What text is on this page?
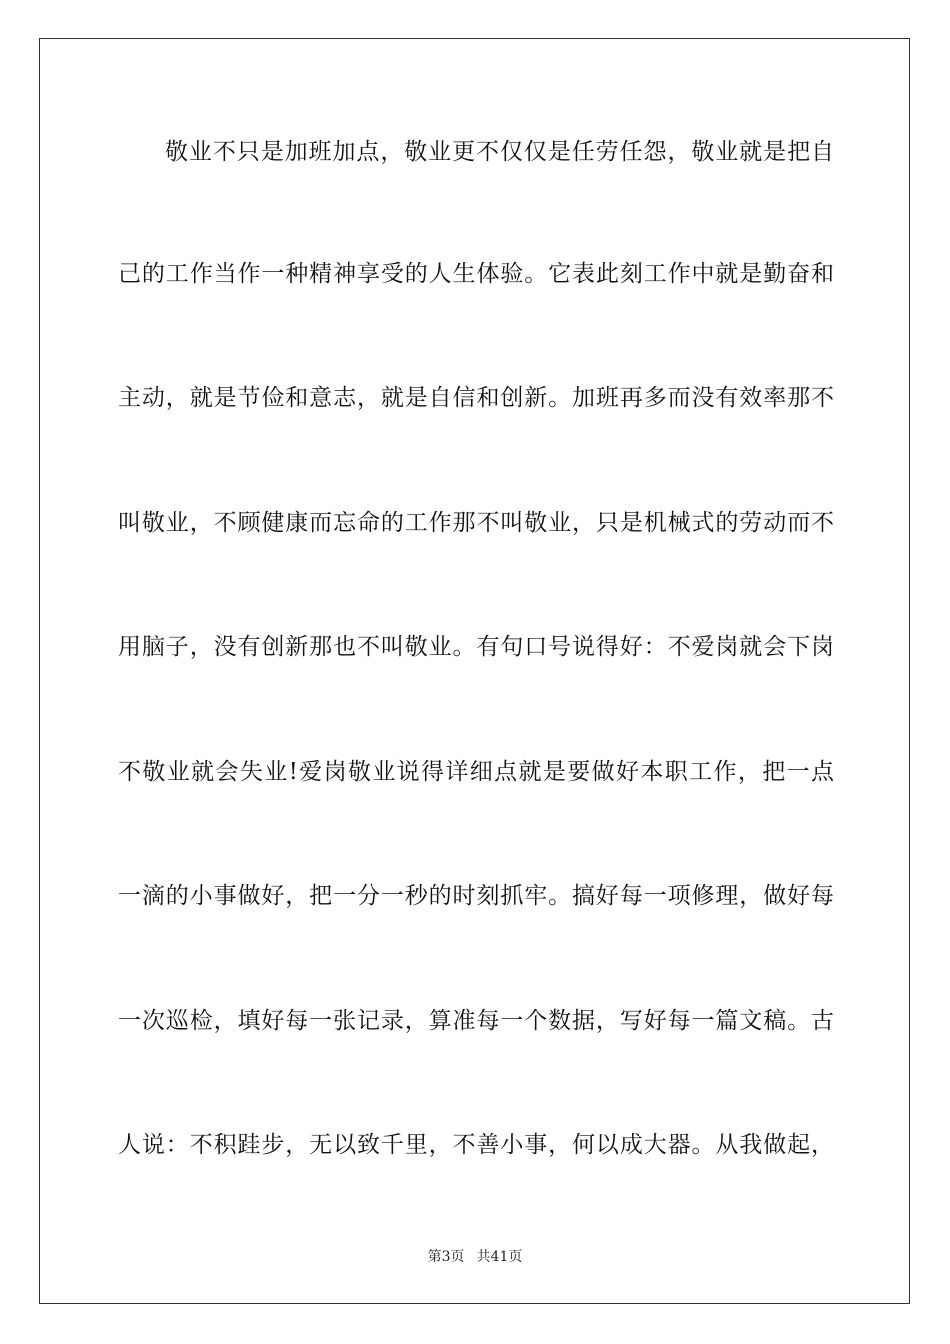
敬业不只是加班加点，敬业更不仅仅是任劳任怨，敬业就是把自
己的工作当作一种精神享受的人生体验。它表此刻工作中就是勤奋和
主动，就是节俭和意志，就是自信和创新。加班再多而没有效率那不
叫敬业，不顾健康而忘命的工作那不叫敬业，只是机械式的劳动而不
用脑子，没有创新那也不叫敬业。有句口号说得好：不爱岗就会下岗
不敬业就会失业!爱岗敬业说得详细点就是要做好本职工作，把一点
一滴的小事做好，把一分一秒的时刻抓牢。搞好每一项修理，做好每
一次巡检，填好每一张记录，算准每一个数据，写好每一篇文稿。古
人说：不积跬步，无以致千里，不善小事，何以成大器。从我做起，
第3页 共41页
